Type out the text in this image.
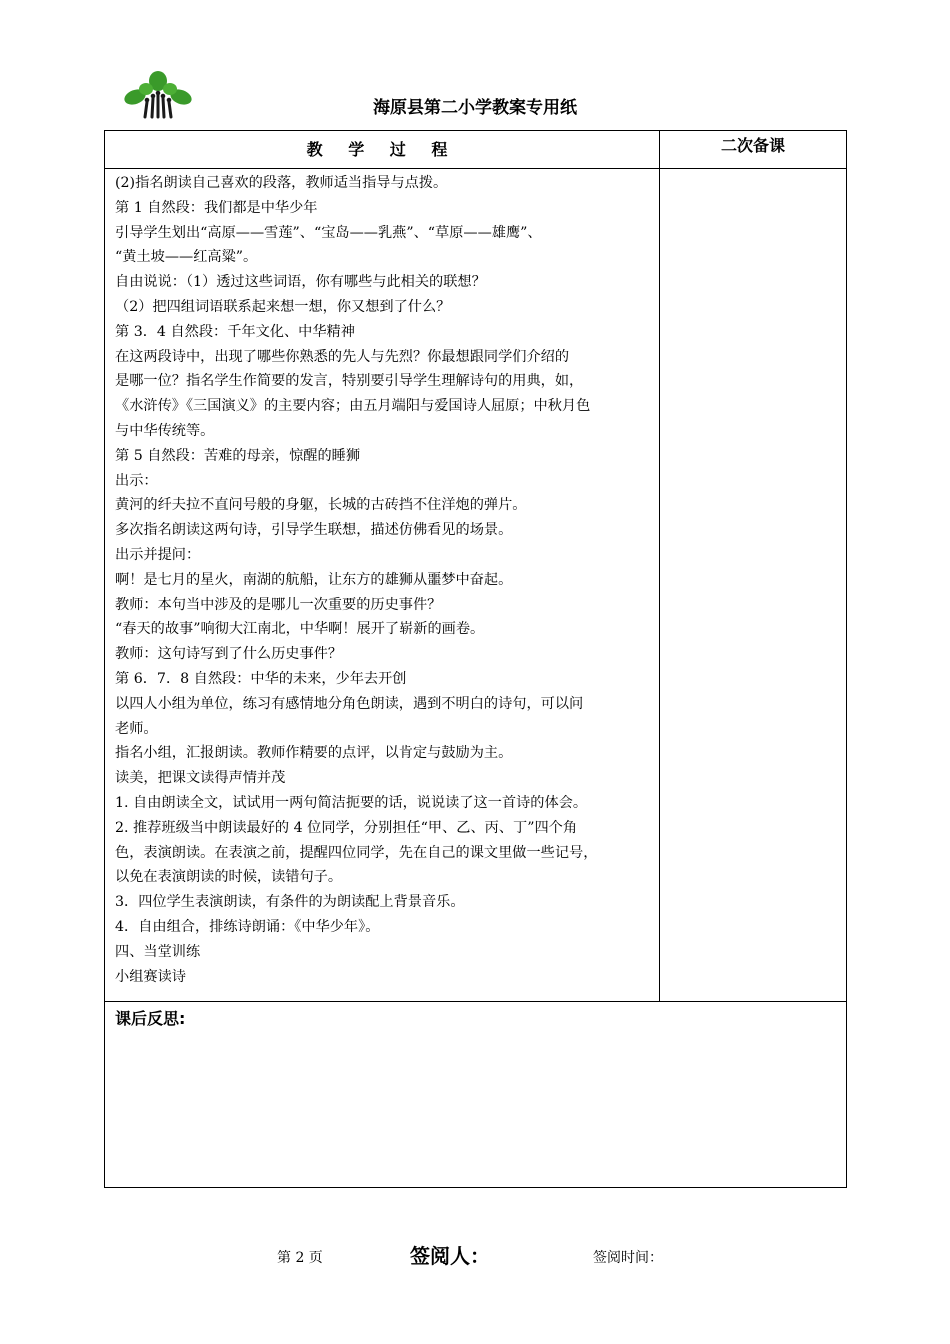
海原县第二小学教案专用纸
教 学 过 程	二次备课
(2)指名朗读自己喜欢的段落，教师适当指导与点拨。
第 1 自然段：我们都是中华少年
引导学生划出“高原——雪莲”、“宝岛——乳燕”、“草原——雄鹰”、
“黄土坡——红高粱”。
自由说说：（1）透过这些词语，你有哪些与此相关的联想？
（2）把四组词语联系起来想一想，你又想到了什么？
第 3．4 自然段：千年文化、中华精神
在这两段诗中，出现了哪些你熟悉的先人与先烈？你最想跟同学们介绍的
是哪一位？指名学生作简要的发言，特别要引导学生理解诗句的用典，如，
《水浒传》《三国演义》的主要内容；由五月端阳与爱国诗人屈原；中秋月色
与中华传统等。
第 5 自然段：苦难的母亲，惊醒的睡狮
出示：
黄河的纤夫拉不直问号般的身躯，长城的古砖挡不住洋炮的弹片。
多次指名朗读这两句诗，引导学生联想，描述仿佛看见的场景。
出示并提问：
啊！是七月的星火，南湖的航船，让东方的雄狮从噩梦中奋起。
教师：本句当中涉及的是哪儿一次重要的历史事件？
“春天的故事”响彻大江南北，中华啊！展开了崭新的画卷。
教师：这句诗写到了什么历史事件？
第 6．7．8 自然段：中华的未来，少年去开创
以四人小组为单位，练习有感情地分角色朗读，遇到不明白的诗句，可以问
老师。
指名小组，汇报朗读。教师作精要的点评，以肯定与鼓励为主。
读美，把课文读得声情并茂
1. 自由朗读全文，试试用一两句简洁扼要的话，说说读了这一首诗的体会。
2. 推荐班级当中朗读最好的 4 位同学，分别担任“甲、乙、丙、丁”四个角
色，表演朗读。在表演之前，提醒四位同学，先在自己的课文里做一些记号，
以免在表演朗读的时候，读错句子。
3．四位学生表演朗读，有条件的为朗读配上背景音乐。
4．自由组合，排练诗朗诵：《中华少年》。
四、当堂训练
小组赛读诗
课后反思:
第 2 页	签阅人：	签阅时间：
